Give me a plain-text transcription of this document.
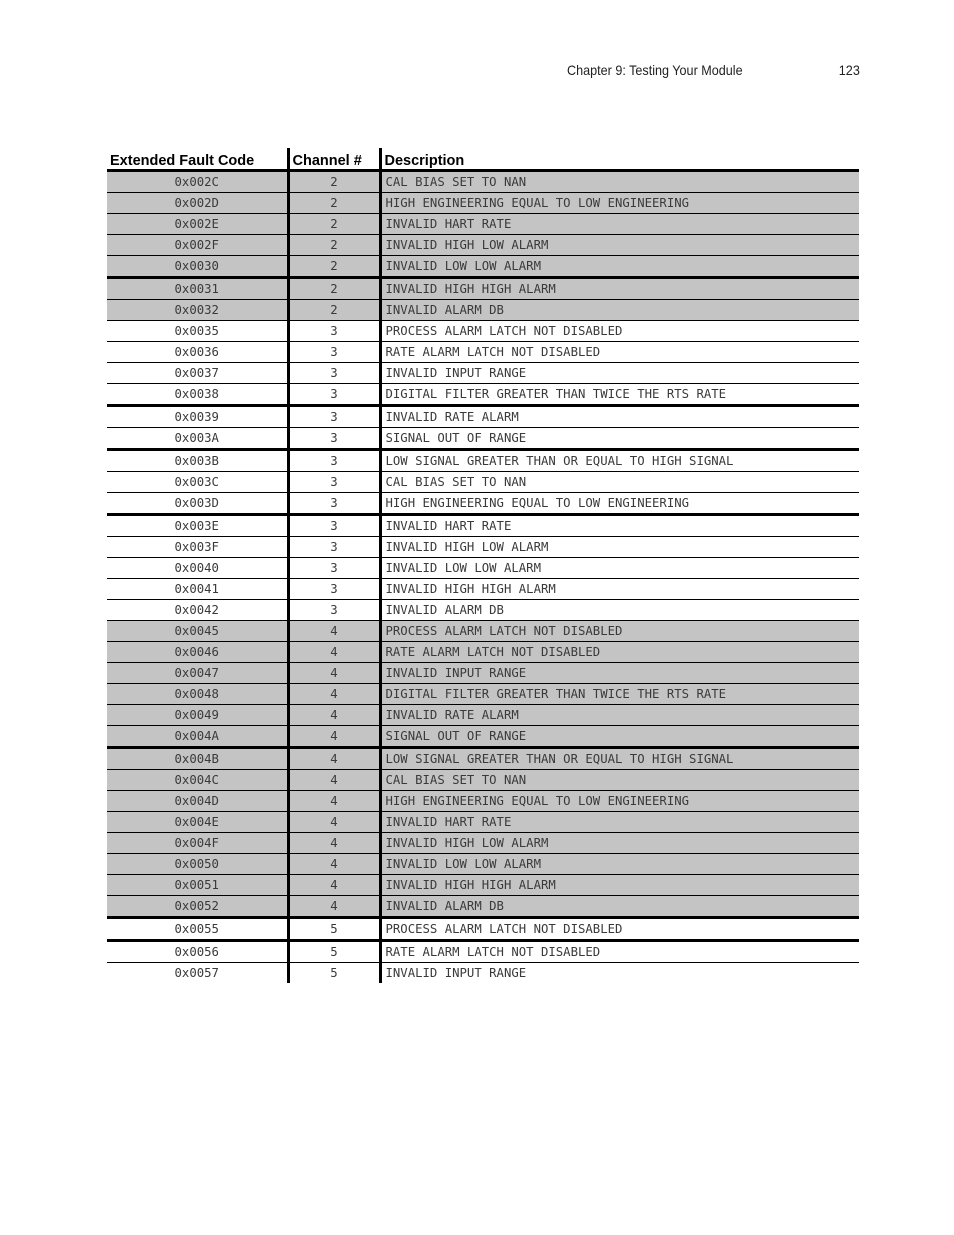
Chapter 9: Testing Your Module	123
Extended Fault Code	Channel #	Description
0x002C	2	CAL BIAS SET TO NAN
0x002D	2	HIGH ENGINEERING EQUAL TO LOW ENGINEERING
0x002E	2	INVALID HART RATE
0x002F	2	INVALID HIGH LOW ALARM
0x0030	2	INVALID LOW LOW ALARM
0x0031	2	INVALID HIGH HIGH ALARM
0x0032	2	INVALID ALARM DB
0x0035	3	PROCESS ALARM LATCH NOT DISABLED
0x0036	3	RATE ALARM LATCH NOT DISABLED
0x0037	3	INVALID INPUT RANGE
0x0038	3	DIGITAL FILTER GREATER THAN TWICE THE RTS RATE
0x0039	3	INVALID RATE ALARM
0x003A	3	SIGNAL OUT OF RANGE
0x003B	3	LOW SIGNAL GREATER THAN OR EQUAL TO HIGH SIGNAL
0x003C	3	CAL BIAS SET TO NAN
0x003D	3	HIGH ENGINEERING EQUAL TO LOW ENGINEERING
0x003E	3	INVALID HART RATE
0x003F	3	INVALID HIGH LOW ALARM
0x0040	3	INVALID LOW LOW ALARM
0x0041	3	INVALID HIGH HIGH ALARM
0x0042	3	INVALID ALARM DB
0x0045	4	PROCESS ALARM LATCH NOT DISABLED
0x0046	4	RATE ALARM LATCH NOT DISABLED
0x0047	4	INVALID INPUT RANGE
0x0048	4	DIGITAL FILTER GREATER THAN TWICE THE RTS RATE
0x0049	4	INVALID RATE ALARM
0x004A	4	SIGNAL OUT OF RANGE
0x004B	4	LOW SIGNAL GREATER THAN OR EQUAL TO HIGH SIGNAL
0x004C	4	CAL BIAS SET TO NAN
0x004D	4	HIGH ENGINEERING EQUAL TO LOW ENGINEERING
0x004E	4	INVALID HART RATE
0x004F	4	INVALID HIGH LOW ALARM
0x0050	4	INVALID LOW LOW ALARM
0x0051	4	INVALID HIGH HIGH ALARM
0x0052	4	INVALID ALARM DB
0x0055	5	PROCESS ALARM LATCH NOT DISABLED
0x0056	5	RATE ALARM LATCH NOT DISABLED
0x0057	5	INVALID INPUT RANGE
